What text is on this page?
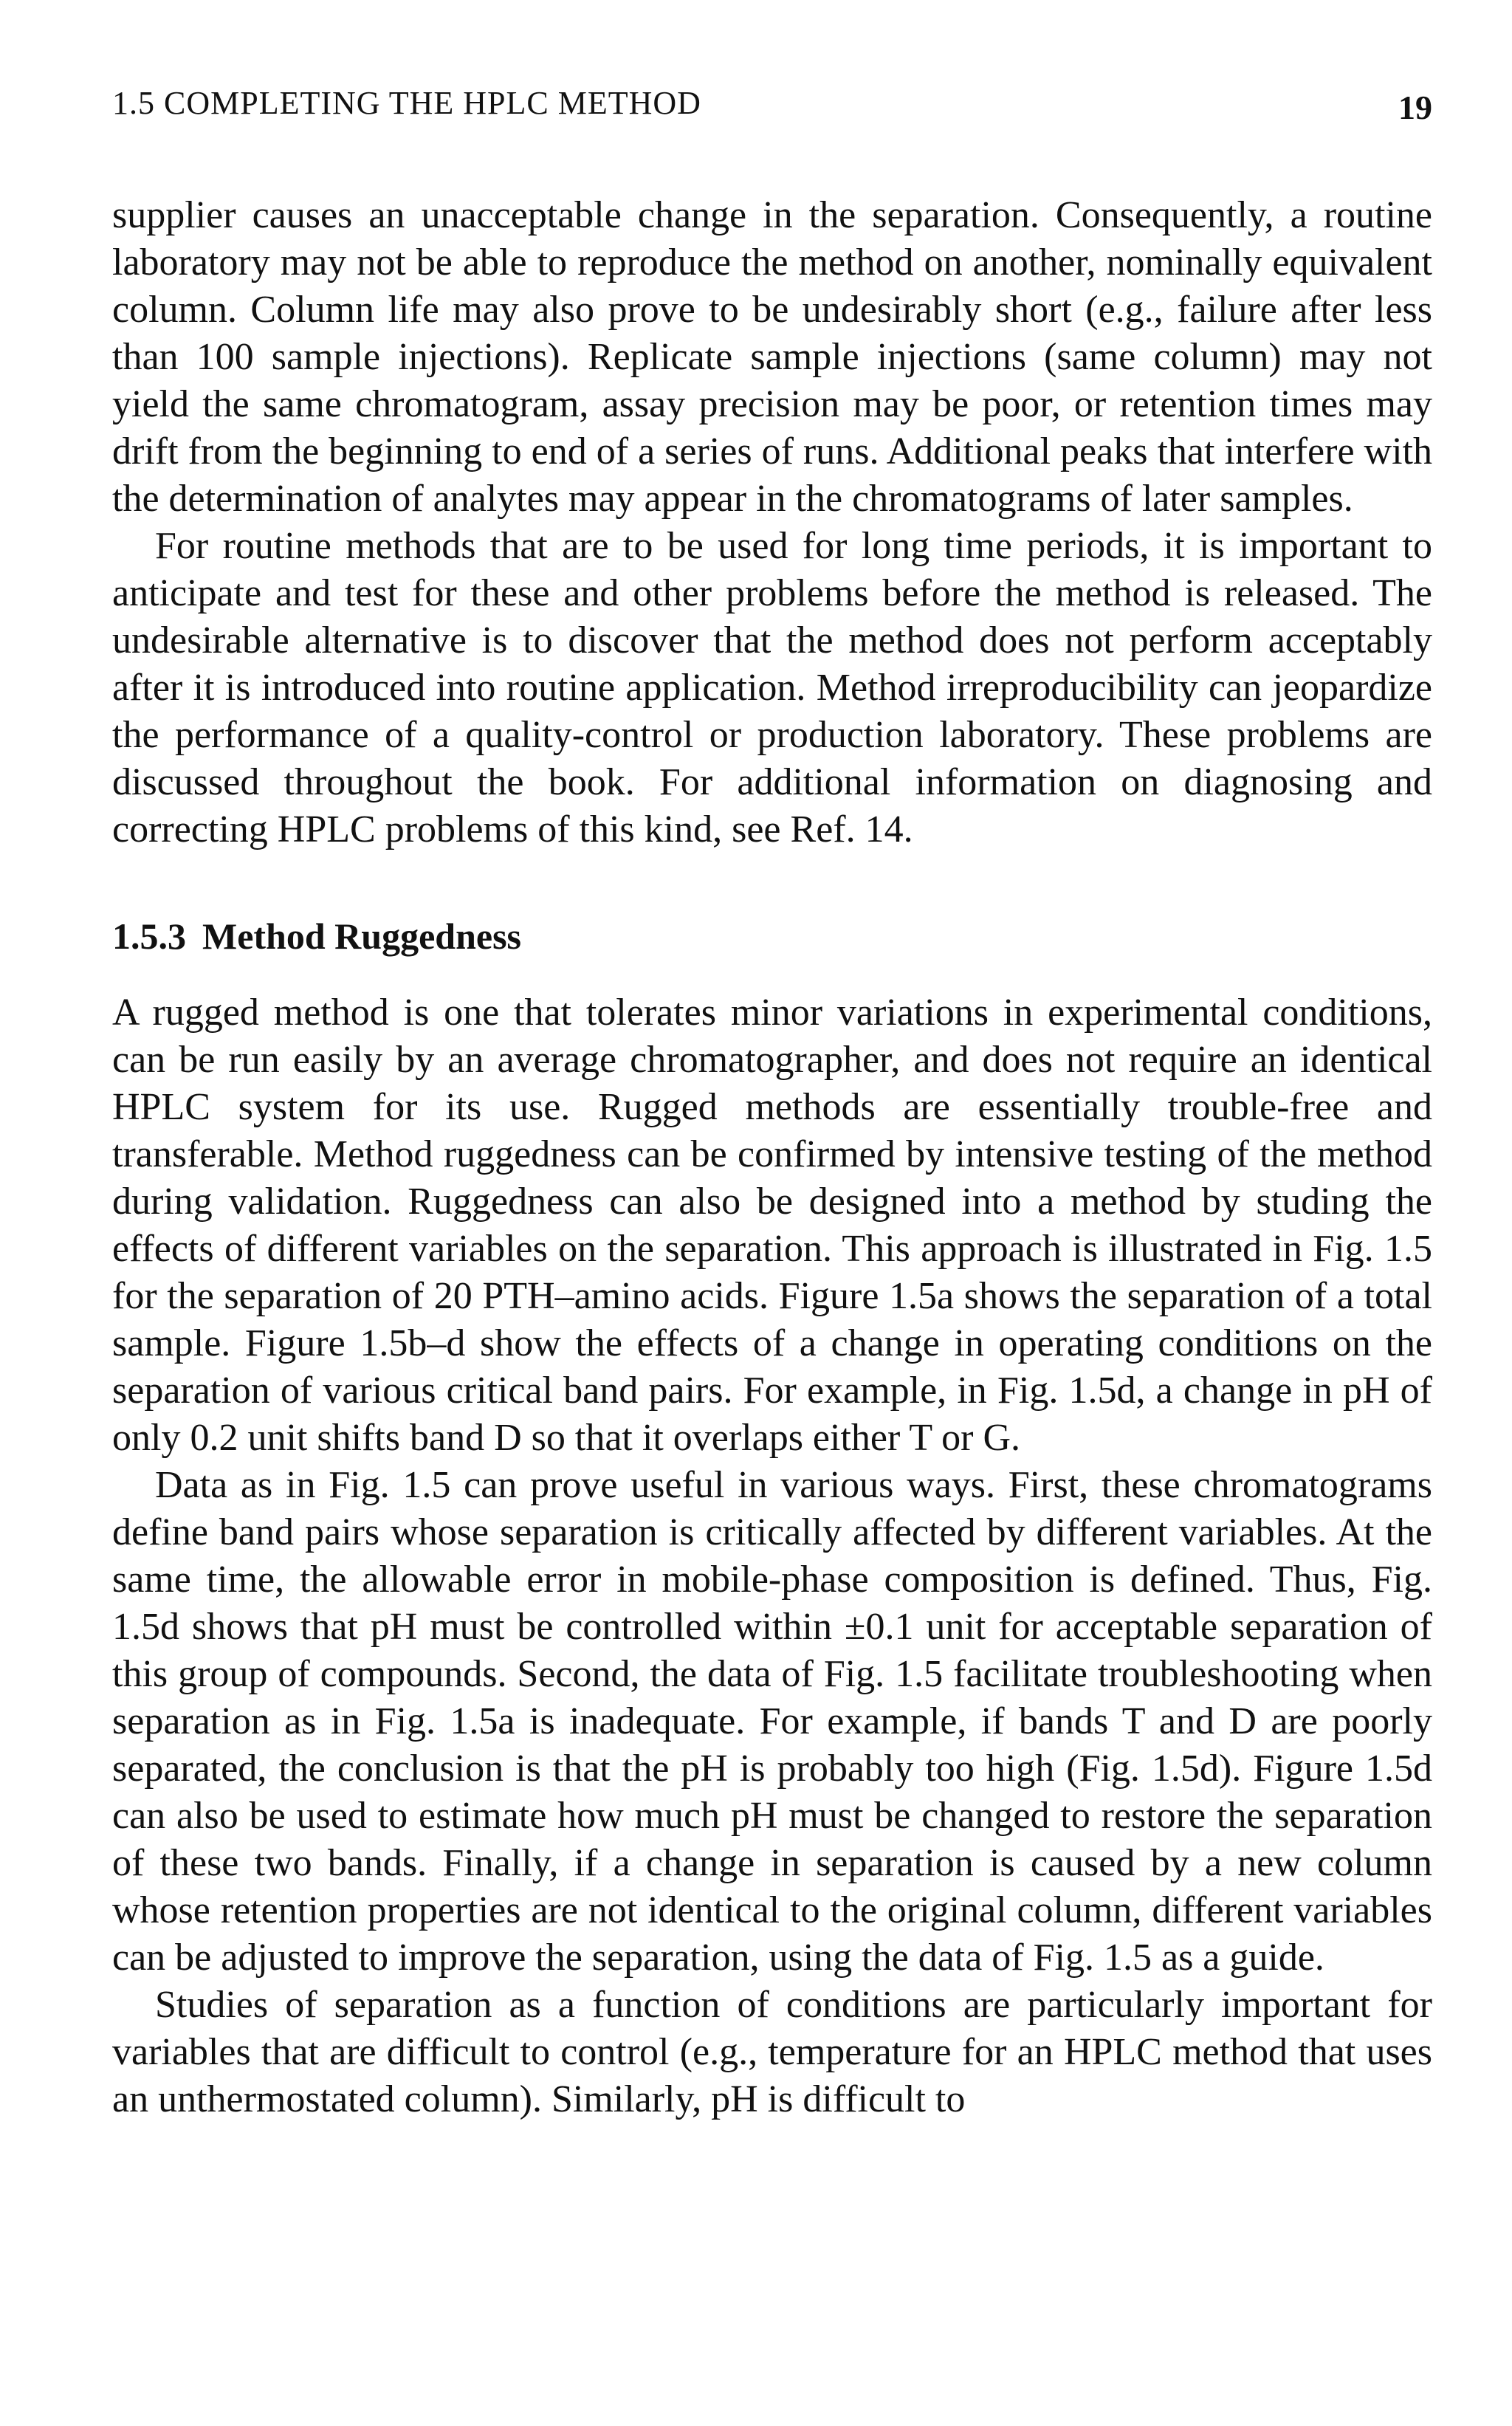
1.5 COMPLETING THE HPLC METHOD	19

supplier causes an unacceptable change in the separation. Consequently, a routine laboratory may not be able to reproduce the method on another, nominally equivalent column. Column life may also prove to be undesirably short (e.g., failure after less than 100 sample injections). Replicate sample injections (same column) may not yield the same chromatogram, assay precision may be poor, or retention times may drift from the beginning to end of a series of runs. Additional peaks that interfere with the determination of analytes may appear in the chromatograms of later samples.

For routine methods that are to be used for long time periods, it is important to anticipate and test for these and other problems before the method is released. The undesirable alternative is to discover that the method does not perform acceptably after it is introduced into routine application. Method irreproducibility can jeopardize the performance of a quality-control or production laboratory. These problems are discussed throughout the book. For additional information on diagnosing and correcting HPLC problems of this kind, see Ref. 14.

1.5.3 Method Ruggedness

A rugged method is one that tolerates minor variations in experimental conditions, can be run easily by an average chromatographer, and does not require an identical HPLC system for its use. Rugged methods are essentially trouble-free and transferable. Method ruggedness can be confirmed by intensive testing of the method during validation. Ruggedness can also be designed into a method by studing the effects of different variables on the separation. This approach is illustrated in Fig. 1.5 for the separation of 20 PTH–amino acids. Figure 1.5a shows the separation of a total sample. Figure 1.5b–d show the effects of a change in operating conditions on the separation of various critical band pairs. For example, in Fig. 1.5d, a change in pH of only 0.2 unit shifts band D so that it overlaps either T or G.

Data as in Fig. 1.5 can prove useful in various ways. First, these chromatograms define band pairs whose separation is critically affected by different variables. At the same time, the allowable error in mobile-phase composition is defined. Thus, Fig. 1.5d shows that pH must be controlled within ±0.1 unit for acceptable separation of this group of compounds. Second, the data of Fig. 1.5 facilitate troubleshooting when separation as in Fig. 1.5a is inadequate. For example, if bands T and D are poorly separated, the conclusion is that the pH is probably too high (Fig. 1.5d). Figure 1.5d can also be used to estimate how much pH must be changed to restore the separation of these two bands. Finally, if a change in separation is caused by a new column whose retention properties are not identical to the original column, different variables can be adjusted to improve the separation, using the data of Fig. 1.5 as a guide.

Studies of separation as a function of conditions are particularly important for variables that are difficult to control (e.g., temperature for an HPLC method that uses an unthermostated column). Similarly, pH is difficult to
